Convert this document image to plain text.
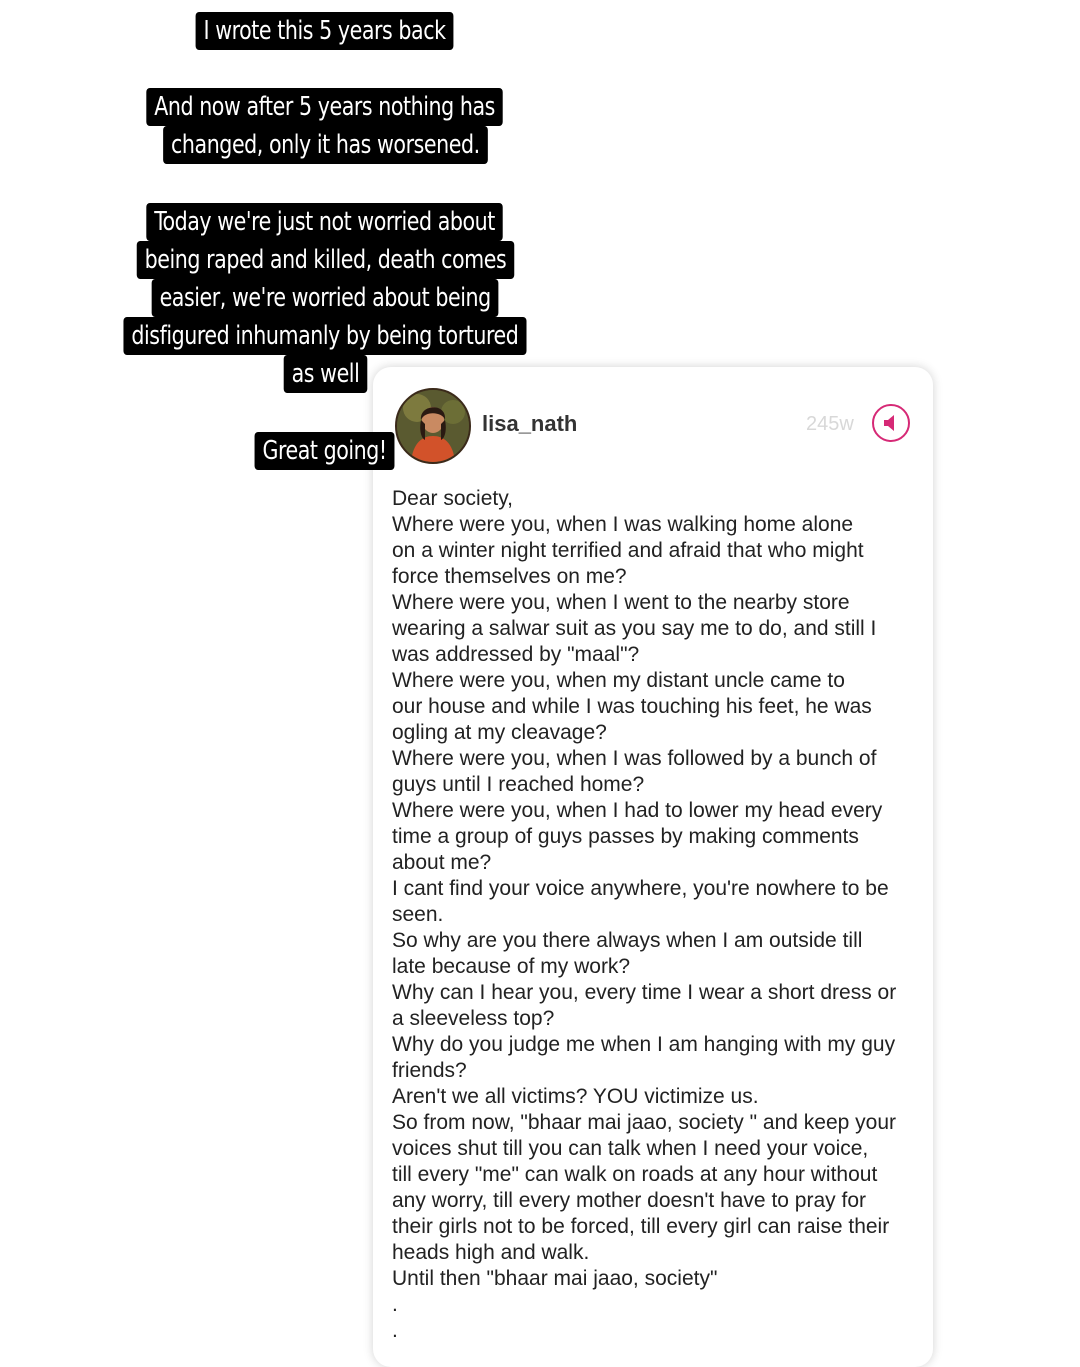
I wrote this 5 years back
And now after 5 years nothing has
changed, only it has worsened.
Today we're just not worried about
being raped and killed, death comes
easier, we're worried about being
disfigured inhumanly by being tortured
as well
lisa_nath	245w
Dear society,
Where were you, when I was walking home alone
on a winter night terrified and afraid that who might
force themselves on me?
Where were you, when I went to the nearby store
wearing a salwar suit as you say me to do, and still I
was addressed by "maal"?
Where were you, when my distant uncle came to
our house and while I was touching his feet, he was
ogling at my cleavage?
Where were you, when I was followed by a bunch of
guys until I reached home?
Where were you, when I had to lower my head every
time a group of guys passes by making comments
about me?
I cant find your voice anywhere, you're nowhere to be
seen.
So why are you there always when I am outside till
late because of my work?
Why can I hear you, every time I wear a short dress or
a sleeveless top?
Why do you judge me when I am hanging with my guy
friends?
Aren't we all victims? YOU victimize us.
So from now, "bhaar mai jaao, society " and keep your
voices shut till you can talk when I need your voice,
till every "me" can walk on roads at any hour without
any worry, till every mother doesn't have to pray for
their girls not to be forced, till every girl can raise their
heads high and walk.
Until then "bhaar mai jaao, society"
.
.
Great going!
